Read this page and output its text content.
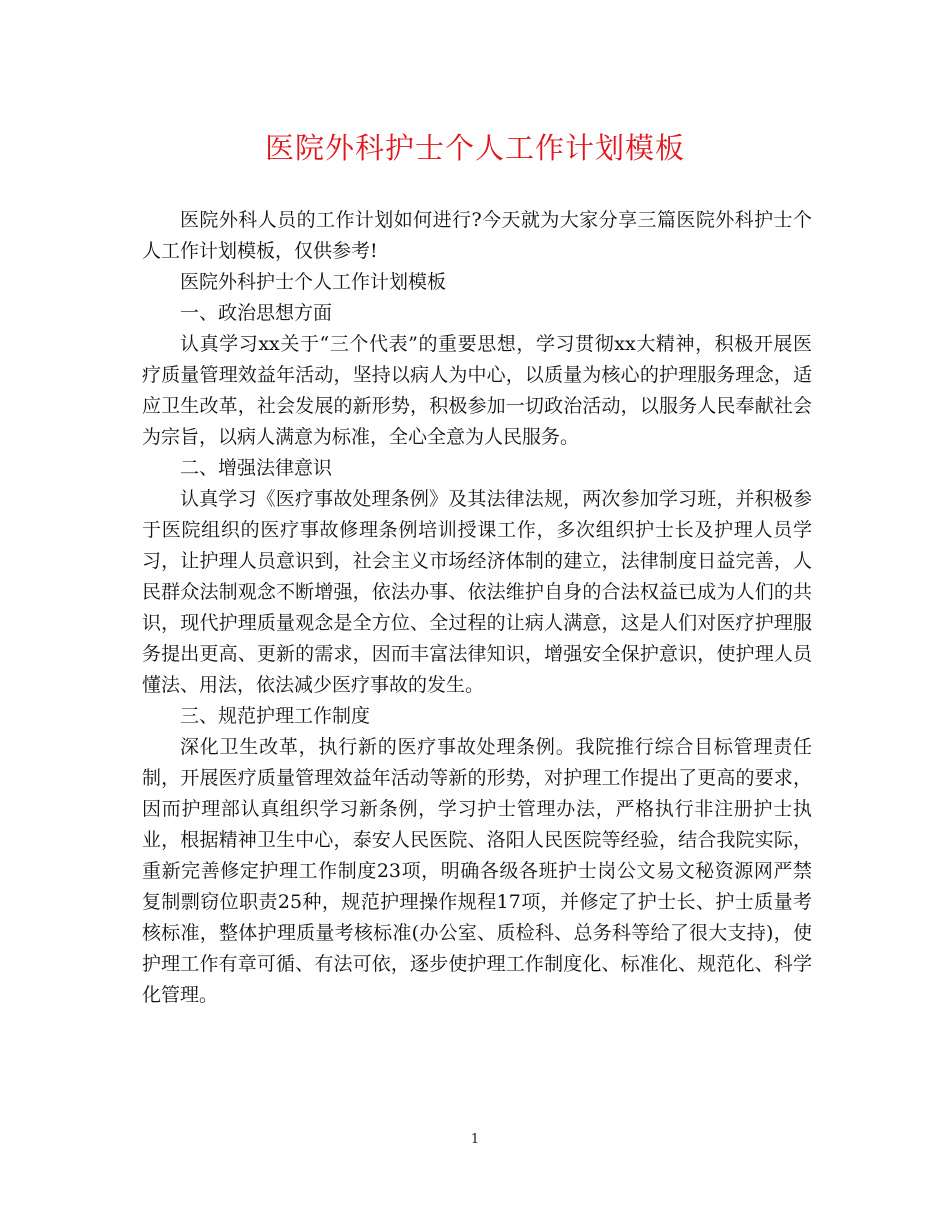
医院外科护士个人工作计划模板

医院外科人员的工作计划如何进行?今天就为大家分享三篇医院外科护士个人工作计划模板，仅供参考!

医院外科护士个人工作计划模板

一、政治思想方面

认真学习xx关于“三个代表”的重要思想，学习贯彻xx大精神，积极开展医疗质量管理效益年活动，坚持以病人为中心，以质量为核心的护理服务理念，适应卫生改革，社会发展的新形势，积极参加一切政治活动，以服务人民奉献社会为宗旨，以病人满意为标准，全心全意为人民服务。

二、增强法律意识

认真学习《医疗事故处理条例》及其法律法规，两次参加学习班，并积极参于医院组织的医疗事故修理条例培训授课工作，多次组织护士长及护理人员学习，让护理人员意识到，社会主义市场经济体制的建立，法律制度日益完善，人民群众法制观念不断增强，依法办事、依法维护自身的合法权益已成为人们的共识，现代护理质量观念是全方位、全过程的让病人满意，这是人们对医疗护理服务提出更高、更新的需求，因而丰富法律知识，增强安全保护意识，使护理人员懂法、用法，依法减少医疗事故的发生。

三、规范护理工作制度

深化卫生改革，执行新的医疗事故处理条例。我院推行综合目标管理责任制，开展医疗质量管理效益年活动等新的形势，对护理工作提出了更高的要求，因而护理部认真组织学习新条例，学习护士管理办法，严格执行非注册护士执业，根据精神卫生中心，泰安人民医院、洛阳人民医院等经验，结合我院实际，重新完善修定护理工作制度23项，明确各级各班护士岗公文易文秘资源网严禁复制剽窃位职责25种，规范护理操作规程17项，并修定了护士长、护士质量考核标准，整体护理质量考核标准(办公室、质检科、总务科等给了很大支持)，使护理工作有章可循、有法可依，逐步使护理工作制度化、标准化、规范化、科学化管理。

1
